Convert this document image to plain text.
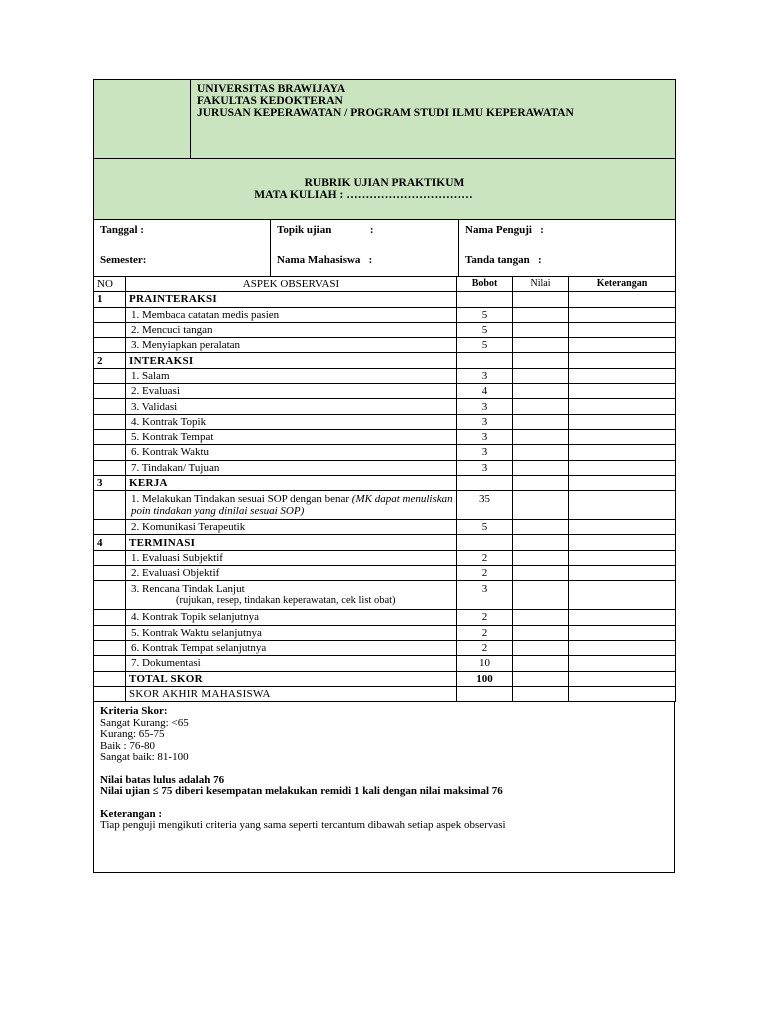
UNIVERSITAS BRAWIJAYA
FAKULTAS KEDOKTERAN
JURUSAN KEPERAWATAN / PROGRAM STUDI ILMU KEPERAWATAN

RUBRIK UJIAN PRAKTIKUM
MATA KULIAH : ……………………………
Tanggal :
Semester:

Topik ujian              :
Nama Mahasiswa   :

Nama Penguji   :
Tanda tangan   :
NO	ASPEK OBSERVASI	Bobot	Nilai	Keterangan
1	PRAINTERAKSI			
	1. Membaca catatan medis pasien	5		
	2. Mencuci tangan	5		
	3. Menyiapkan peralatan	5		
2	INTERAKSI			
	1. Salam	3		
	2. Evaluasi	4		
	3. Validasi	3		
	4. Kontrak Topik	3		
	5. Kontrak Tempat	3		
	6. Kontrak Waktu	3		
	7. Tindakan/ Tujuan	3		
3	KERJA			
	1. Melakukan Tindakan sesuai SOP dengan benar (MK dapat menuliskan poin tindakan yang dinilai sesuai SOP)	35		
	2. Komunikasi Terapeutik	5		
4	TERMINASI			
	1. Evaluasi Subjektif	2		
	2. Evaluasi Objektif	2		
	3. Rencana Tindak Lanjut
(rujukan, resep, tindakan keperawatan, cek list obat)	3		
	4. Kontrak Topik selanjutnya	2		
	5. Kontrak Waktu selanjutnya	2		
	6. Kontrak Tempat selanjutnya	2		
	7. Dokumentasi	10		
	TOTAL SKOR	100		
	SKOR AKHIR MAHASISWA			
Kriteria Skor:
Sangat Kurang: <65
Kurang: 65-75
Baik : 76-80
Sangat baik: 81-100
Nilai batas lulus adalah 76
Nilai ujian ≤ 75 diberi kesempatan melakukan remidi 1 kali dengan nilai maksimal 76
Keterangan :
Tiap penguji mengikuti criteria yang sama seperti tercantum dibawah setiap aspek observasi
